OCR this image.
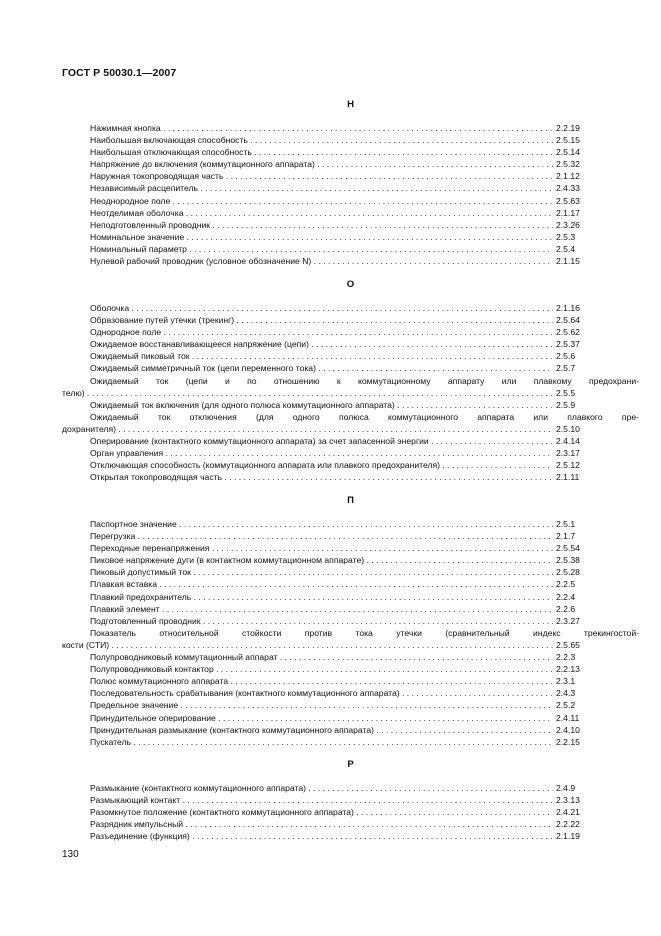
ГОСТ Р 50030.1—2007
Н
Нажимная кнопка . . .	2.2.19
Наибольшая включающая способность . . .	2.5.15
Наибольшая отключающая способность . . .	2.5.14
Напряжение до включения (коммутационного аппарата) . . .	2.5.32
Наружная токопроводящая часть . . .	2.1.12
Независимый расцепитель . . .	2.4.33
Неоднородное поле . . .	2.5.63
Неотделимая оболочка . . .	2.1.17
Неподготовленный проводник . . .	2.3.26
Номинальное значение . . .	2.5.3
Номинальный параметр . . .	2.5.4
Нулевой рабочий проводник (условное обозначение N) . . .	2.1.15
О
Оболочка . . .	2.1.16
Образование путей утечки (трекинг) . . .	2.5.64
Однородное поле . . .	2.5.62
Ожидаемое восстанавливающееся напряжение (цепи) . . .	2.5.37
Ожидаемый пиковый ток . . .	2.5.6
Ожидаемый симметричный ток (цепи переменного тока) . . .	2.5.7
Ожидаемый ток (цепи и по отношению к коммутационному аппарату или плавкому предохрани-
телю) . . .	2.5.5
Ожидаемый ток включения (для одного полюса коммутационного аппарата) . . .	2.5.9
Ожидаемый ток отключения (для одного полюса коммутационного аппарата или плавкого пре-
дохранителя) . . .	2.5.10
Оперирование (контактного коммутационного аппарата) за счет запасенной энергии . . .	2.4.14
Орган управления . . .	2.3.17
Отключающая способность (коммутационного аппарата или плавкого предохранителя) . . .	2.5.12
Открытая токопроводящая часть . . .	2.1.11
П
Паспортное значение . . .	2.5.1
Перегрузка . . .	2.1.7
Переходные перенапряжения . . .	2.5.54
Пиковое напряжение дуги (в контактном коммутационном аппарате) . . .	2.5.38
Пиковый допустимый ток . . .	2.5.28
Плавкая вставка . . .	2.2.5
Плавкий предохранитель . . .	2.2.4
Плавкий элемент . . .	2.2.6
Подготовленный проводник . . .	2.3.27
Показатель относительной стойкости против тока утечки (сравнительный индекс трекингостой-
кости (СТИ) . . .	2.5.65
Полупроводниковый коммутационный аппарат . . .	2.2.3
Полупроводниковый контактор . . .	2.2.13
Полюс коммутационного аппарата . . .	2.3.1
Последовательность срабатывания (контактного коммутационного аппарата) . . .	2.4.3
Предельное значение . . .	2.5.2
Принудительное оперирование . . .	2.4.11
Принудительная размыкание (контактного коммутационного аппарата) . . .	2.4.10
Пускатель . . .	2.2.15
Р
Размыкание (контактного коммутационного аппарата) . . .	2.4.9
Размыкающий контакт . . .	2.3.13
Разомкнутое положение (контактного коммутационного аппарата) . . .	2.4.21
Разрядник импульсный . . .	2.2.22
Разъединение (функция) . . .	2.1.19
130
